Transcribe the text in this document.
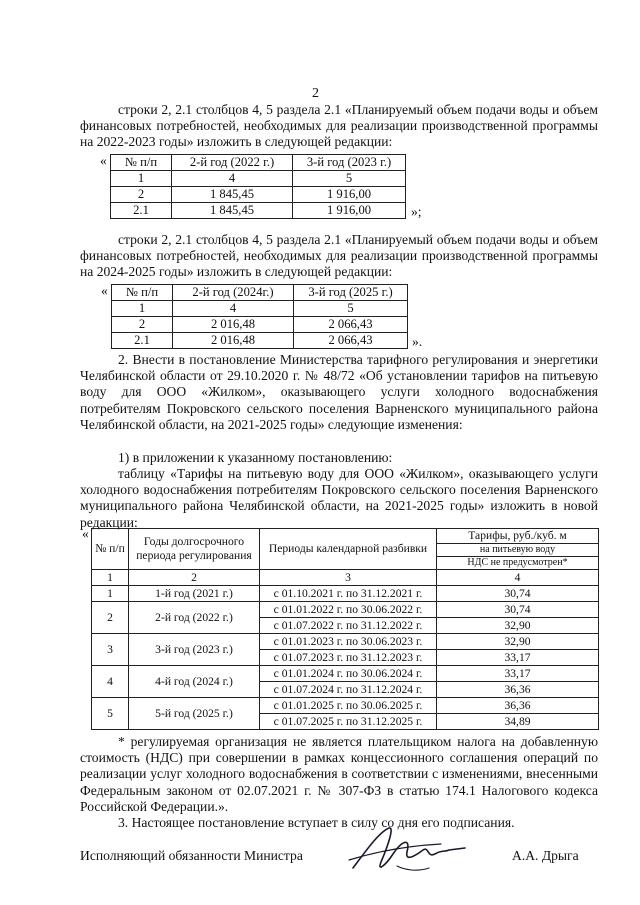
2
строки 2, 2.1 столбцов 4, 5 раздела 2.1 «Планируемый объем подачи воды и объем финансовых потребностей, необходимых для реализации производственной программы на 2022-2023 годы» изложить в следующей редакции:
« № п/п	2-й год (2022 г.)	3-й год (2023 г.)
1	4	5
2	1 845,45	1 916,00
2.1	1 845,45	1 916,00	»;
строки 2, 2.1 столбцов 4, 5 раздела 2.1 «Планируемый объем подачи воды и объем финансовых потребностей, необходимых для реализации производственной программы на 2024-2025 годы» изложить в следующей редакции:
« № п/п	2-й год (2024г.)	3-й год (2025 г.)
1	4	5
2	2 016,48	2 066,43
2.1	2 016,48	2 066,43	».
2. Внести в постановление Министерства тарифного регулирования и энергетики Челябинской области от 29.10.2020 г. № 48/72 «Об установлении тарифов на питьевую воду для ООО «Жилком», оказывающего услуги холодного водоснабжения потребителям Покровского сельского поселения Варненского муниципального района Челябинской области, на 2021-2025 годы» следующие изменения:
1) в приложении к указанному постановлению:
таблицу «Тарифы на питьевую воду для ООО «Жилком», оказывающего услуги холодного водоснабжения потребителям Покровского сельского поселения Варненского муниципального района Челябинской области, на 2021-2025 годы» изложить в новой редакции:
«
№ п/п	Годы долгосрочного периода регулирования	Периоды календарной разбивки	Тарифы, руб./куб. м
			на питьевую воду
			НДС не предусмотрен*
1	2	3	4
1	1-й год (2021 г.)	с 01.10.2021 г. по 31.12.2021 г.	30,74
2	2-й год (2022 г.)	с 01.01.2022 г. по 30.06.2022 г.	30,74
		с 01.07.2022 г. по 31.12.2022 г.	32,90
3	3-й год (2023 г.)	с 01.01.2023 г. по 30.06.2023 г.	32,90
		с 01.07.2023 г. по 31.12.2023 г.	33,17
4	4-й год (2024 г.)	с 01.01.2024 г. по 30.06.2024 г.	33,17
		с 01.07.2024 г. по 31.12.2024 г.	36,36
5	5-й год (2025 г.)	с 01.01.2025 г. по 30.06.2025 г.	36,36
		с 01.07.2025 г. по 31.12.2025 г.	34,89
* регулируемая организация не является плательщиком налога на добавленную стоимость (НДС) при совершении в рамках концессионного соглашения операций по реализации услуг холодного водоснабжения в соответствии с изменениями, внесенными Федеральным законом от 02.07.2021 г. № 307-ФЗ в статью 174.1 Налогового кодекса Российской Федерации.».
3. Настоящее постановление вступает в силу со дня его подписания.
Исполняющий обязанности Министра	А.А. Дрыга
